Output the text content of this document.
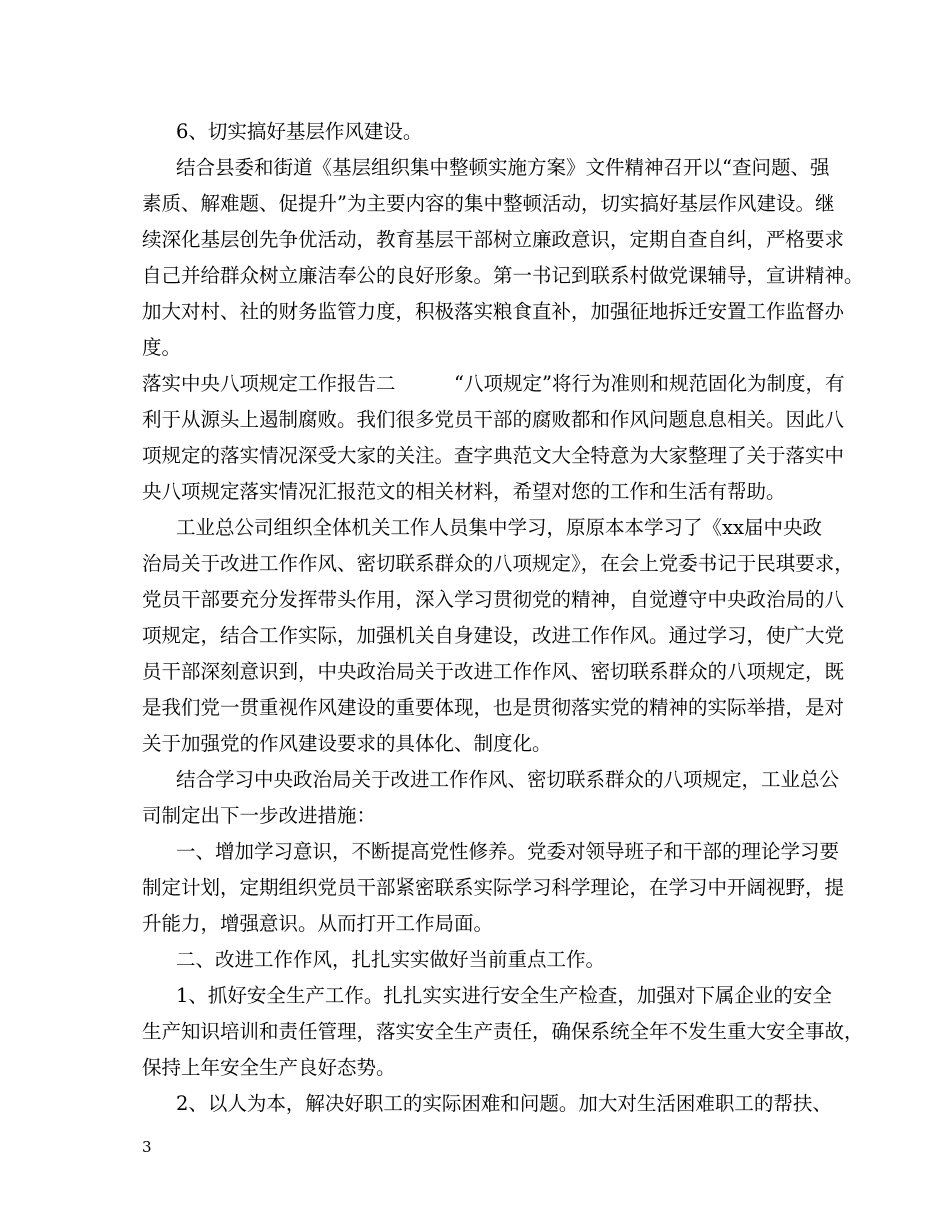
6、切实搞好基层作风建设。
结合县委和街道《基层组织集中整顿实施方案》文件精神召开以“查问题、强
素质、解难题、促提升”为主要内容的集中整顿活动，切实搞好基层作风建设。继
续深化基层创先争优活动，教育基层干部树立廉政意识，定期自查自纠，严格要求
自己并给群众树立廉洁奉公的良好形象。第一书记到联系村做党课辅导，宣讲精神。
加大对村、社的财务监管力度，积极落实粮食直补，加强征地拆迁安置工作监督办
度。
落实中央八项规定工作报告二　　　“八项规定”将行为准则和规范固化为制度，有
利于从源头上遏制腐败。我们很多党员干部的腐败都和作风问题息息相关。因此八
项规定的落实情况深受大家的关注。查字典范文大全特意为大家整理了关于落实中
央八项规定落实情况汇报范文的相关材料，希望对您的工作和生活有帮助。
工业总公司组织全体机关工作人员集中学习，原原本本学习了《xx届中央政
治局关于改进工作作风、密切联系群众的八项规定》，在会上党委书记于民琪要求，
党员干部要充分发挥带头作用，深入学习贯彻党的精神，自觉遵守中央政治局的八
项规定，结合工作实际，加强机关自身建设，改进工作作风。通过学习，使广大党
员干部深刻意识到，中央政治局关于改进工作作风、密切联系群众的八项规定，既
是我们党一贯重视作风建设的重要体现，也是贯彻落实党的精神的实际举措，是对
关于加强党的作风建设要求的具体化、制度化。
结合学习中央政治局关于改进工作作风、密切联系群众的八项规定，工业总公
司制定出下一步改进措施：
一、增加学习意识，不断提高党性修养。党委对领导班子和干部的理论学习要
制定计划，定期组织党员干部紧密联系实际学习科学理论，在学习中开阔视野，提
升能力，增强意识。从而打开工作局面。
二、改进工作作风，扎扎实实做好当前重点工作。
1、抓好安全生产工作。扎扎实实进行安全生产检查，加强对下属企业的安全
生产知识培训和责任管理，落实安全生产责任，确保系统全年不发生重大安全事故，
保持上年安全生产良好态势。
2、以人为本，解决好职工的实际困难和问题。加大对生活困难职工的帮扶、
3
